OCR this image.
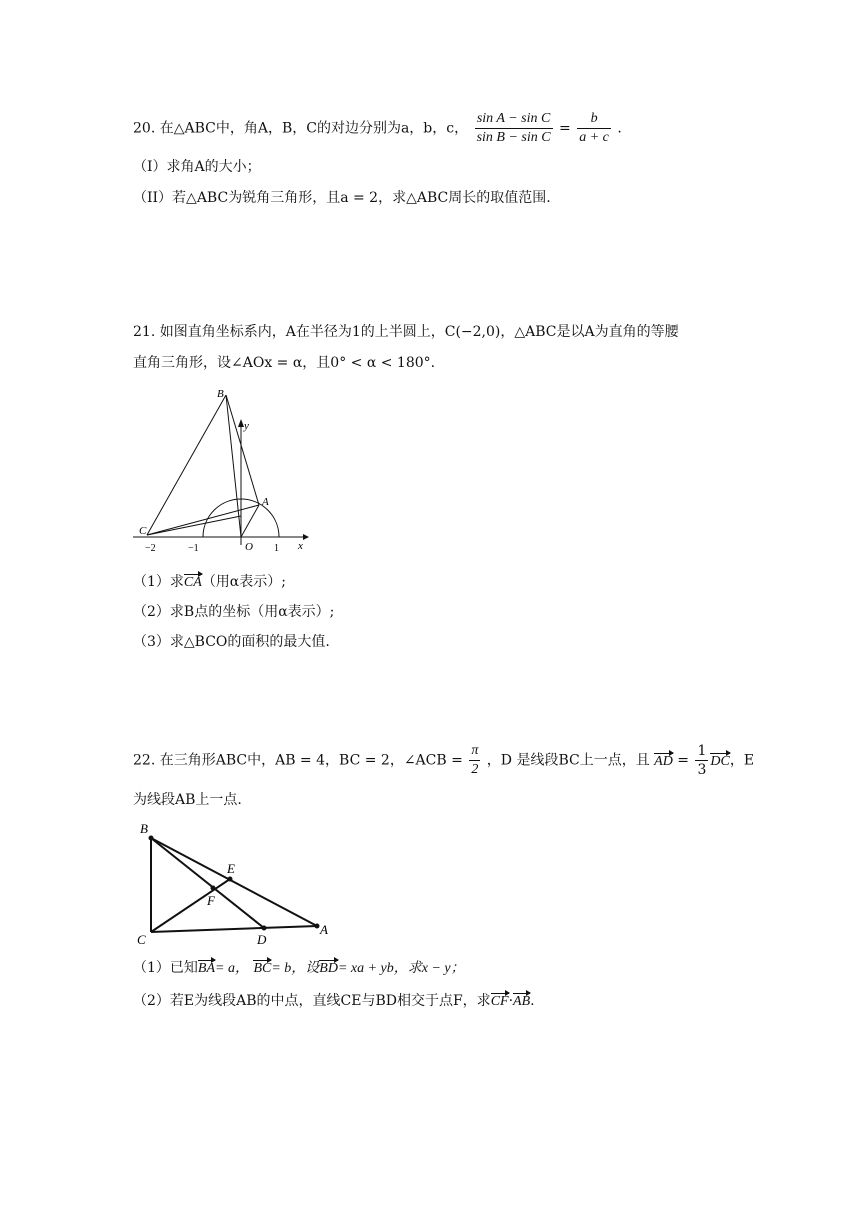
20. 在△ABC中，角A，B，C的对边分别为a，b，c， $\frac{\text{sin A − sin C}}{\text{sin B − sin C}} = \frac{b}{a + c}$ .
（I）求角A的大小；
（II）若△ABC为锐角三角形，且a = 2，求△ABC周长的取值范围.
21. 如图直角坐标系内，A在半径为1的上半圆上，C(−2,0)，△ABC是以A为直角的等腰
直角三角形，设∠AOx = α，且0° < α < 180°.
B
y
A
C
O	x
−2	−1	1
（1）求CA（用α表示）;
（2）求B点的坐标（用α表示）;
（3）求△BCO的面积的最大值.
22. 在三角形ABC中，AB = 4，BC = 2，∠ACB = $\frac{\pi}{2}$ ，D 是线段BC上一点，且 AD = $\frac{1}{3}$ DC，E
为线段AB上一点.
B
E
F
C	D
A
（1）已知BA= a， BC= b，设BD= xa + yb，求x − y；
（2）若E为线段AB的中点，直线CE与BD相交于点F，求CF·AB.
